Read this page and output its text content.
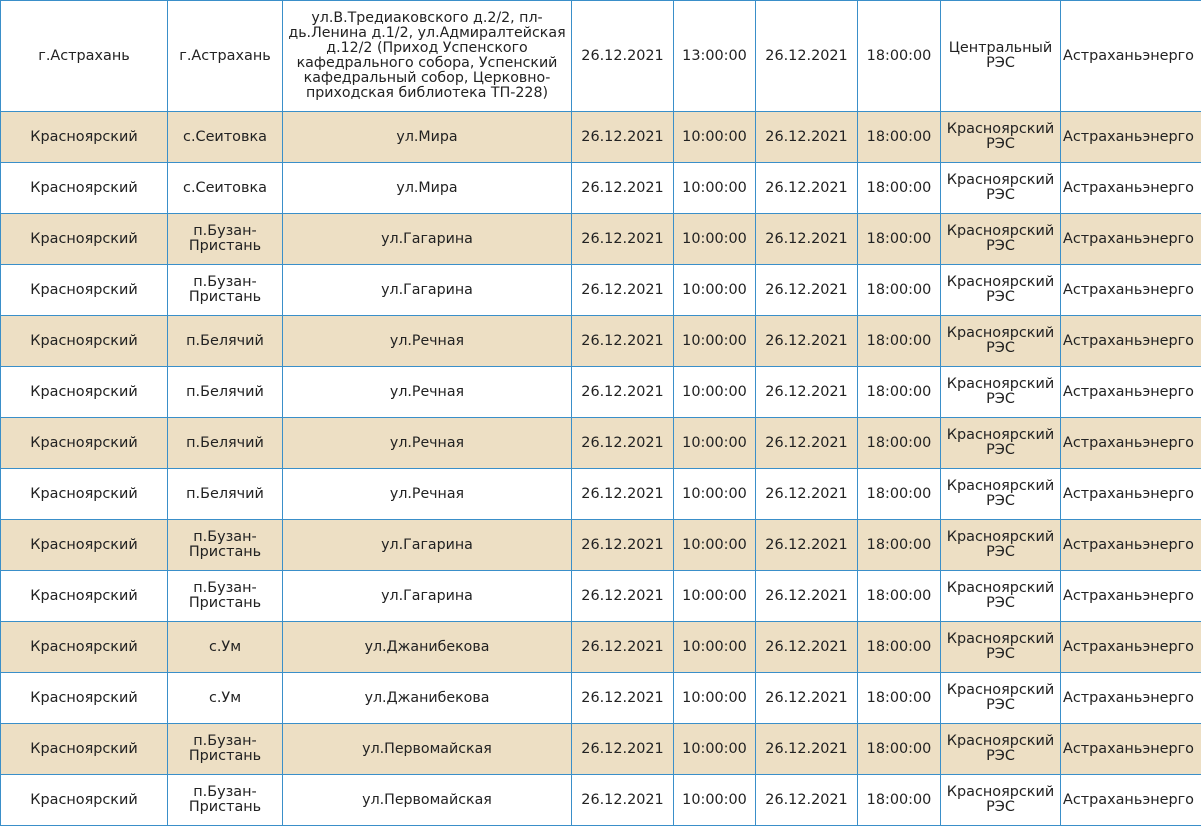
г.Астрахань	г.Астрахань	ул.В.Тредиаковского д.2/2, пл-дь.Ленина д.1/2, ул.Адмиралтейская д.12/2 (Приход Успенского кафедрального собора, Успенский кафедральный собор, Церковно-приходская библиотека ТП-228)	26.12.2021	13:00:00	26.12.2021	18:00:00	Центральный РЭС	Астраханьэнерго
Красноярский	с.Сеитовка	ул.Мира	26.12.2021	10:00:00	26.12.2021	18:00:00	Красноярский РЭС	Астраханьэнерго
Красноярский	с.Сеитовка	ул.Мира	26.12.2021	10:00:00	26.12.2021	18:00:00	Красноярский РЭС	Астраханьэнерго
Красноярский	п.Бузан-Пристань	ул.Гагарина	26.12.2021	10:00:00	26.12.2021	18:00:00	Красноярский РЭС	Астраханьэнерго
Красноярский	п.Бузан-Пристань	ул.Гагарина	26.12.2021	10:00:00	26.12.2021	18:00:00	Красноярский РЭС	Астраханьэнерго
Красноярский	п.Белячий	ул.Речная	26.12.2021	10:00:00	26.12.2021	18:00:00	Красноярский РЭС	Астраханьэнерго
Красноярский	п.Белячий	ул.Речная	26.12.2021	10:00:00	26.12.2021	18:00:00	Красноярский РЭС	Астраханьэнерго
Красноярский	п.Белячий	ул.Речная	26.12.2021	10:00:00	26.12.2021	18:00:00	Красноярский РЭС	Астраханьэнерго
Красноярский	п.Белячий	ул.Речная	26.12.2021	10:00:00	26.12.2021	18:00:00	Красноярский РЭС	Астраханьэнерго
Красноярский	п.Бузан-Пристань	ул.Гагарина	26.12.2021	10:00:00	26.12.2021	18:00:00	Красноярский РЭС	Астраханьэнерго
Красноярский	п.Бузан-Пристань	ул.Гагарина	26.12.2021	10:00:00	26.12.2021	18:00:00	Красноярский РЭС	Астраханьэнерго
Красноярский	с.Ум	ул.Джанибекова	26.12.2021	10:00:00	26.12.2021	18:00:00	Красноярский РЭС	Астраханьэнерго
Красноярский	с.Ум	ул.Джанибекова	26.12.2021	10:00:00	26.12.2021	18:00:00	Красноярский РЭС	Астраханьэнерго
Красноярский	п.Бузан-Пристань	ул.Первомайская	26.12.2021	10:00:00	26.12.2021	18:00:00	Красноярский РЭС	Астраханьэнерго
Красноярский	п.Бузан-Пристань	ул.Первомайская	26.12.2021	10:00:00	26.12.2021	18:00:00	Красноярский РЭС	Астраханьэнерго
